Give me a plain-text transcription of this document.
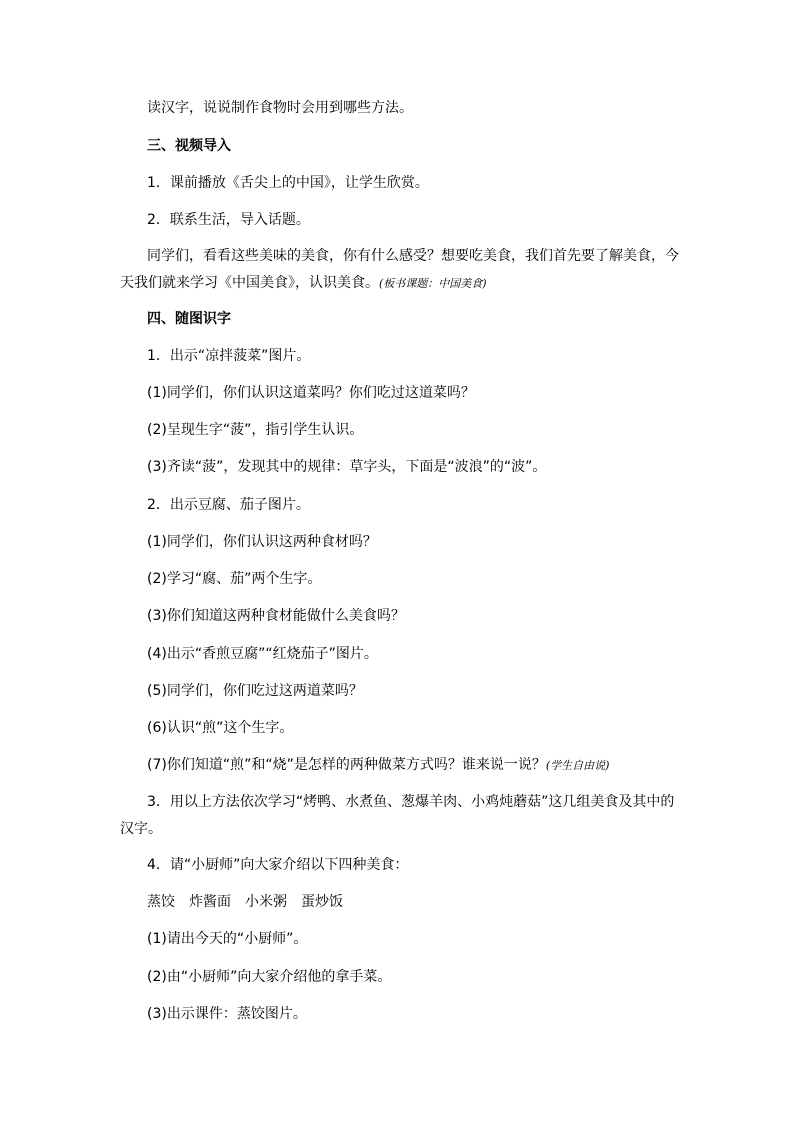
读汉字，说说制作食物时会用到哪些方法。
三、视频导入
1．课前播放《舌尖上的中国》，让学生欣赏。
2．联系生活，导入话题。
同学们，看看这些美味的美食，你有什么感受？想要吃美食，我们首先要了解美食，今天我们就来学习《中国美食》，认识美食。(板书课题：中国美食)
四、随图识字
1．出示“凉拌菠菜”图片。
(1)同学们，你们认识这道菜吗？你们吃过这道菜吗？
(2)呈现生字“菠”，指引学生认识。
(3)齐读“菠”，发现其中的规律：草字头，下面是“波浪”的“波”。
2．出示豆腐、茄子图片。
(1)同学们，你们认识这两种食材吗？
(2)学习“腐、茄”两个生字。
(3)你们知道这两种食材能做什么美食吗？
(4)出示“香煎豆腐”“红烧茄子”图片。
(5)同学们，你们吃过这两道菜吗？
(6)认识“煎”这个生字。
(7)你们知道“煎”和“烧”是怎样的两种做菜方式吗？谁来说一说？(学生自由说)
3．用以上方法依次学习“烤鸭、水煮鱼、葱爆羊肉、小鸡炖蘑菇”这几组美食及其中的汉字。
4．请“小厨师”向大家介绍以下四种美食：
蒸饺　炸酱面　小米粥　蛋炒饭
(1)请出今天的“小厨师”。
(2)由“小厨师”向大家介绍他的拿手菜。
(3)出示课件：蒸饺图片。
